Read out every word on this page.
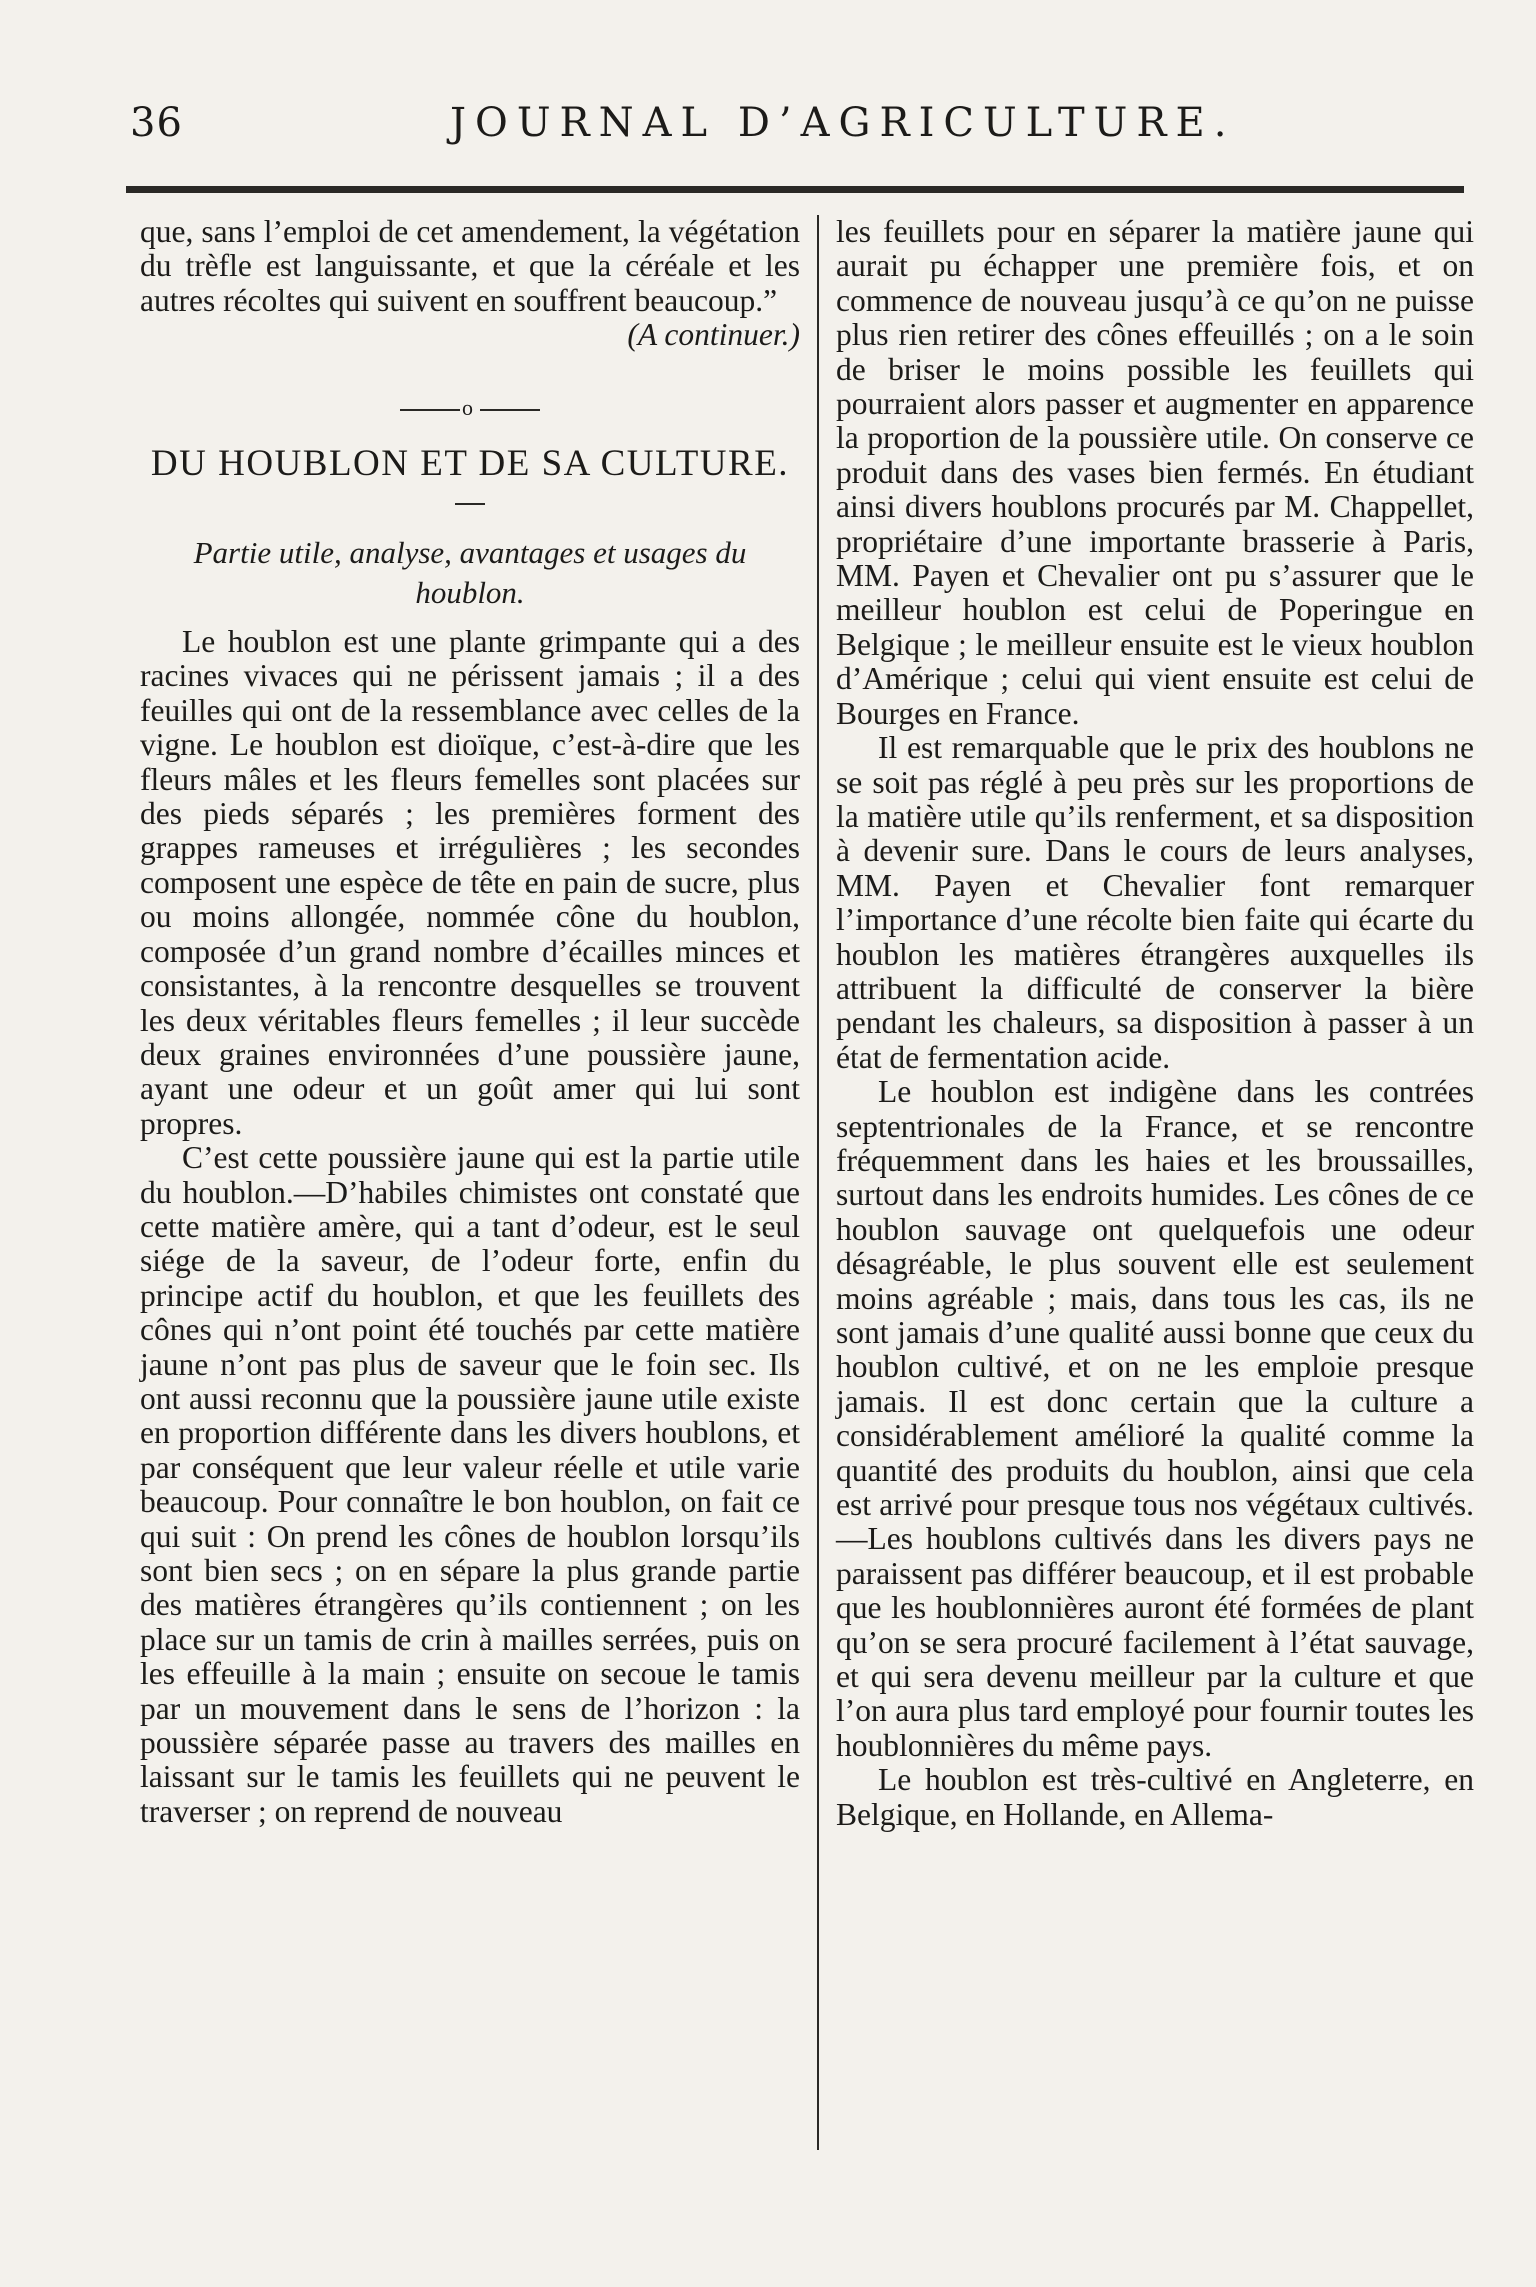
36	JOURNAL D’AGRICULTURE.

que, sans l’emploi de cet amendement, la végétation du trèfle est languissante, et que la céréale et les autres récoltes qui suivent en souffrent beaucoup.”

(A continuer.)

o
DU HOUBLON ET DE SA CULTURE.
Partie utile, analyse, avantages et usages du houblon.

Le houblon est une plante grimpante qui a des racines vivaces qui ne périssent jamais ; il a des feuilles qui ont de la ressemblance avec celles de la vigne. Le houblon est dioïque, c’est-à-dire que les fleurs mâles et les fleurs femelles sont placées sur des pieds séparés ; les premières forment des grappes rameuses et irrégulières ; les secondes composent une espèce de tête en pain de sucre, plus ou moins allongée, nommée cône du houblon, composée d’un grand nombre d’écailles minces et consistantes, à la rencontre desquelles se trouvent les deux véritables fleurs femelles ; il leur succède deux graines environnées d’une poussière jaune, ayant une odeur et un goût amer qui lui sont propres.

C’est cette poussière jaune qui est la partie utile du houblon.—D’habiles chimistes ont constaté que cette matière amère, qui a tant d’odeur, est le seul siége de la saveur, de l’odeur forte, enfin du principe actif du houblon, et que les feuillets des cônes qui n’ont point été touchés par cette matière jaune n’ont pas plus de saveur que le foin sec. Ils ont aussi reconnu que la poussière jaune utile existe en proportion différente dans les divers houblons, et par conséquent que leur valeur réelle et utile varie beaucoup. Pour connaître le bon houblon, on fait ce qui suit : On prend les cônes de houblon lorsqu’ils sont bien secs ; on en sépare la plus grande partie des matières étrangères qu’ils contiennent ; on les place sur un tamis de crin à mailles serrées, puis on les effeuille à la main ; ensuite on secoue le tamis par un mouvement dans le sens de l’horizon : la poussière séparée passe au travers des mailles en laissant sur le tamis les feuillets qui ne peuvent le traverser ; on reprend de nouveau

les feuillets pour en séparer la matière jaune qui aurait pu échapper une première fois, et on commence de nouveau jusqu’à ce qu’on ne puisse plus rien retirer des cônes effeuillés ; on a le soin de briser le moins possible les feuillets qui pourraient alors passer et augmenter en apparence la proportion de la poussière utile. On conserve ce produit dans des vases bien fermés. En étudiant ainsi divers houblons procurés par M. Chappellet, propriétaire d’une importante brasserie à Paris, MM. Payen et Chevalier ont pu s’assurer que le meilleur houblon est celui de Poperingue en Belgique ; le meilleur ensuite est le vieux houblon d’Amérique ; celui qui vient ensuite est celui de Bourges en France.

Il est remarquable que le prix des houblons ne se soit pas réglé à peu près sur les proportions de la matière utile qu’ils renferment, et sa disposition à devenir sure. Dans le cours de leurs analyses, MM. Payen et Chevalier font remarquer l’importance d’une récolte bien faite qui écarte du houblon les matières étrangères auxquelles ils attribuent la difficulté de conserver la bière pendant les chaleurs, sa disposition à passer à un état de fermentation acide.

Le houblon est indigène dans les contrées septentrionales de la France, et se rencontre fréquemment dans les haies et les broussailles, surtout dans les endroits humides. Les cônes de ce houblon sauvage ont quelquefois une odeur désagréable, le plus souvent elle est seulement moins agréable ; mais, dans tous les cas, ils ne sont jamais d’une qualité aussi bonne que ceux du houblon cultivé, et on ne les emploie presque jamais. Il est donc certain que la culture a considérablement amélioré la qualité comme la quantité des produits du houblon, ainsi que cela est arrivé pour presque tous nos végétaux cultivés.—Les houblons cultivés dans les divers pays ne paraissent pas différer beaucoup, et il est probable que les houblonnières auront été formées de plant qu’on se sera procuré facilement à l’état sauvage, et qui sera devenu meilleur par la culture et que l’on aura plus tard employé pour fournir toutes les houblonnières du même pays.

Le houblon est très-cultivé en Angleterre, en Belgique, en Hollande, en Allema-
